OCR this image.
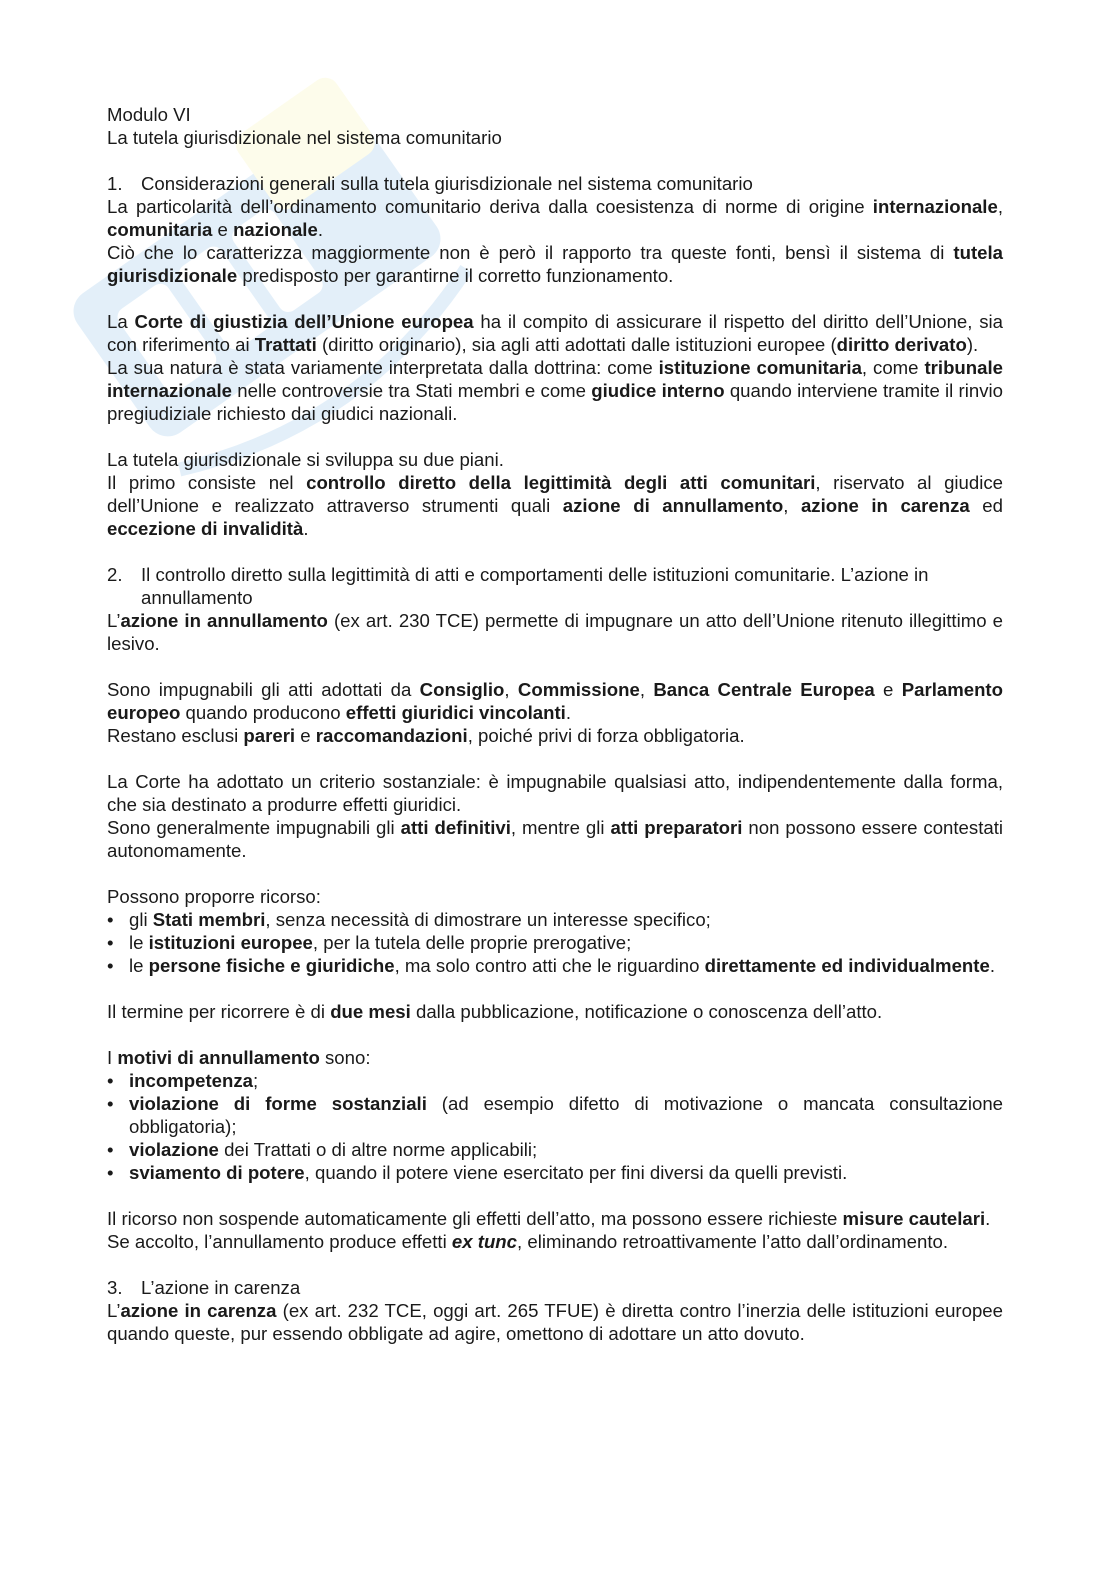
Modulo VI

La tutela giurisdizionale nel sistema comunitario

1. Considerazioni generali sulla tutela giurisdizionale nel sistema comunitario

La particolarità dell’ordinamento comunitario deriva dalla coesistenza di norme di origine internazionale, comunitaria e nazionale.

Ciò che lo caratterizza maggiormente non è però il rapporto tra queste fonti, bensì il sistema di tutela giurisdizionale predisposto per garantirne il corretto funzionamento.

La Corte di giustizia dell’Unione europea ha il compito di assicurare il rispetto del diritto dell’Unione, sia con riferimento ai Trattati (diritto originario), sia agli atti adottati dalle istituzioni europee (diritto derivato).

La sua natura è stata variamente interpretata dalla dottrina: come istituzione comunitaria, come tribunale internazionale nelle controversie tra Stati membri e come giudice interno quando interviene tramite il rinvio pregiudiziale richiesto dai giudici nazionali.

La tutela giurisdizionale si sviluppa su due piani.

Il primo consiste nel controllo diretto della legittimità degli atti comunitari, riservato al giudice dell’Unione e realizzato attraverso strumenti quali azione di annullamento, azione in carenza ed eccezione di invalidità.

2. Il controllo diretto sulla legittimità di atti e comportamenti delle istituzioni comunitarie. L’azione in annullamento

L’azione in annullamento (ex art. 230 TCE) permette di impugnare un atto dell’Unione ritenuto illegittimo e lesivo.

Sono impugnabili gli atti adottati da Consiglio, Commissione, Banca Centrale Europea e Parlamento europeo quando producono effetti giuridici vincolanti.

Restano esclusi pareri e raccomandazioni, poiché privi di forza obbligatoria.

La Corte ha adottato un criterio sostanziale: è impugnabile qualsiasi atto, indipendentemente dalla forma, che sia destinato a produrre effetti giuridici.

Sono generalmente impugnabili gli atti definitivi, mentre gli atti preparatori non possono essere contestati autonomamente.

Possono proporre ricorso:

• gli Stati membri, senza necessità di dimostrare un interesse specifico;
• le istituzioni europee, per la tutela delle proprie prerogative;
• le persone fisiche e giuridiche, ma solo contro atti che le riguardino direttamente ed individualmente.

Il termine per ricorrere è di due mesi dalla pubblicazione, notificazione o conoscenza dell’atto.

I motivi di annullamento sono:

• incompetenza;
• violazione di forme sostanziali (ad esempio difetto di motivazione o mancata consultazione obbligatoria);
• violazione dei Trattati o di altre norme applicabili;
• sviamento di potere, quando il potere viene esercitato per fini diversi da quelli previsti.

Il ricorso non sospende automaticamente gli effetti dell’atto, ma possono essere richieste misure cautelari.

Se accolto, l’annullamento produce effetti ex tunc, eliminando retroattivamente l’atto dall’ordinamento.

3. L’azione in carenza

L’azione in carenza (ex art. 232 TCE, oggi art. 265 TFUE) è diretta contro l’inerzia delle istituzioni europee quando queste, pur essendo obbligate ad agire, omettono di adottare un atto dovuto.
